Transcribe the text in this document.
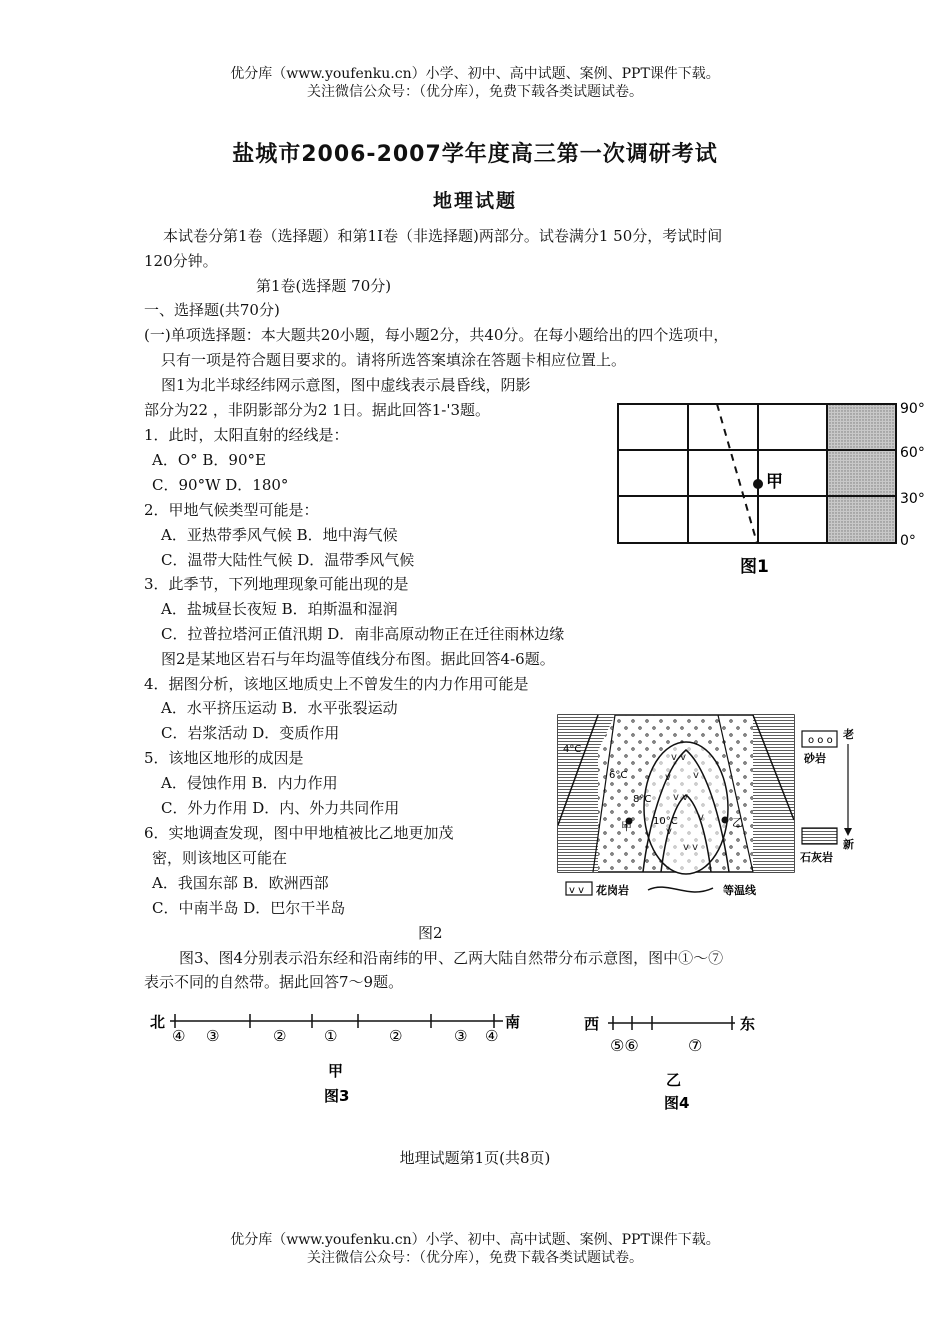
优分库（www.youfenku.cn）小学、初中、高中试题、案例、PPT课件下载。
关注微信公众号：（优分库），免费下载各类试题试卷。
盐城市2006-2007学年度高三第一次调研考试
地理试题
本试卷分第1卷（选择题）和第1I卷（非选择题)两部分。试卷满分1 50分，考试时间
120分钟。
第1卷(选择题 70分)
一、选择题(共70分)
(一)单项选择题：本大题共20小题，每小题2分，共40分。在每小题给出的四个选项中，
只有一项是符合题目要求的。请将所选答案填涂在答题卡相应位置上。
图1为北半球经纬网示意图，图中虚线表示晨昏线，阴影
部分为22 ，非阴影部分为2 1日。据此回答1-'3题。
1．此时，太阳直射的经线是：
A．O° B．90°E
C．90°W D．180°
2．甲地气候类型可能是：
A．亚热带季风气候 B．地中海气候
C．温带大陆性气候 D．温带季风气候
3．此季节，下列地理现象可能出现的是
A．盐城昼长夜短 B．珀斯温和湿润
C．拉普拉塔河正值汛期 D．南非高原动物正在迁往雨林边缘
图2是某地区岩石与年均温等值线分布图。据此回答4-6题。
4．据图分析，该地区地质史上不曾发生的内力作用可能是
A．水平挤压运动 B．水平张裂运动
C．岩浆活动 D．变质作用
5．该地区地形的成因是
A．侵蚀作用 B．内力作用
C．外力作用 D．内、外力共同作用
6．实地调查发现，图中甲地植被比乙地更加茂
密，则该地区可能在
A．我国东部 B．欧洲西部
C．中南半岛 D．巴尔干半岛
图2
图3、图4分别表示沿东经和沿南纬的甲、乙两大陆自然带分布示意图，图中①～⑦
表示不同的自然带。据此回答7～9题。
甲
90°
60°
30°
0°
图1
v v
v v
v v
v
v
v v
4°C
6°C
8°C
10°C
甲	乙
o o o
砂岩
石灰岩
老
新
v v 花岗岩	等温线
北	南
④ ③	②	①	②	③ ④
甲
图3
西	东
⑤⑥	⑦
乙
图4
地理试题第1页(共8页)
优分库（www.youfenku.cn）小学、初中、高中试题、案例、PPT课件下载。
关注微信公众号：（优分库），免费下载各类试题试卷。
